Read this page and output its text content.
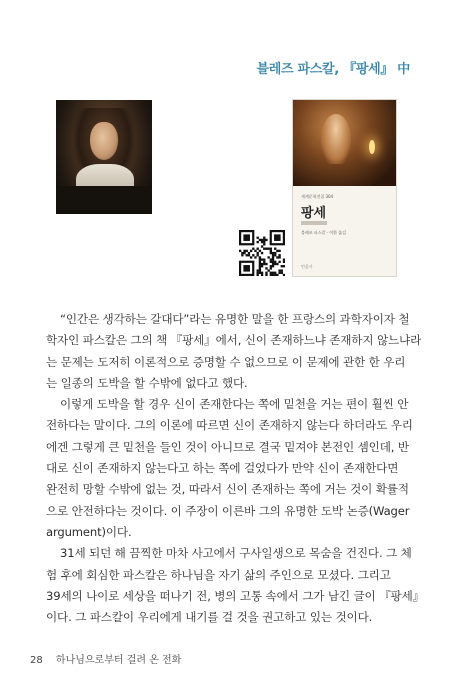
블레즈 파스칼, 『팡세』 中
세계문학전집 304
팡세
블레즈 파스칼 · 이환 옮김
민음사
“인간은 생각하는 갈대다”라는 유명한 말을 한 프랑스의 과학자이자 철
학자인 파스칼은 그의 책 『팡세』에서, 신이 존재하느냐 존재하지 않느냐라
는 문제는 도저히 이론적으로 증명할 수 없으므로 이 문제에 관한 한 우리
는 일종의 도박을 할 수밖에 없다고 했다.
이렇게 도박을 할 경우 신이 존재한다는 쪽에 밑천을 거는 편이 훨씬 안
전하다는 말이다. 그의 이론에 따르면 신이 존재하지 않는다 하더라도 우리
에겐 그렇게 큰 밑천을 들인 것이 아니므로 결국 밑져야 본전인 셈인데, 반
대로 신이 존재하지 않는다고 하는 쪽에 걸었다가 만약 신이 존재한다면
완전히 망할 수밖에 없는 것, 따라서 신이 존재하는 쪽에 거는 것이 확률적
으로 안전하다는 것이다. 이 주장이 이른바 그의 유명한 도박 논증(Wager
argument)이다.
31세 되던 해 끔찍한 마차 사고에서 구사일생으로 목숨을 건진다. 그 체
험 후에 회심한 파스칼은 하나님을 자기 삶의 주인으로 모셨다. 그리고
39세의 나이로 세상을 떠나기 전, 병의 고통 속에서 그가 남긴 글이 『팡세』
이다. 그 파스칼이 우리에게 내기를 걸 것을 권고하고 있는 것이다.
28 하나님으로부터 걸려 온 전화
